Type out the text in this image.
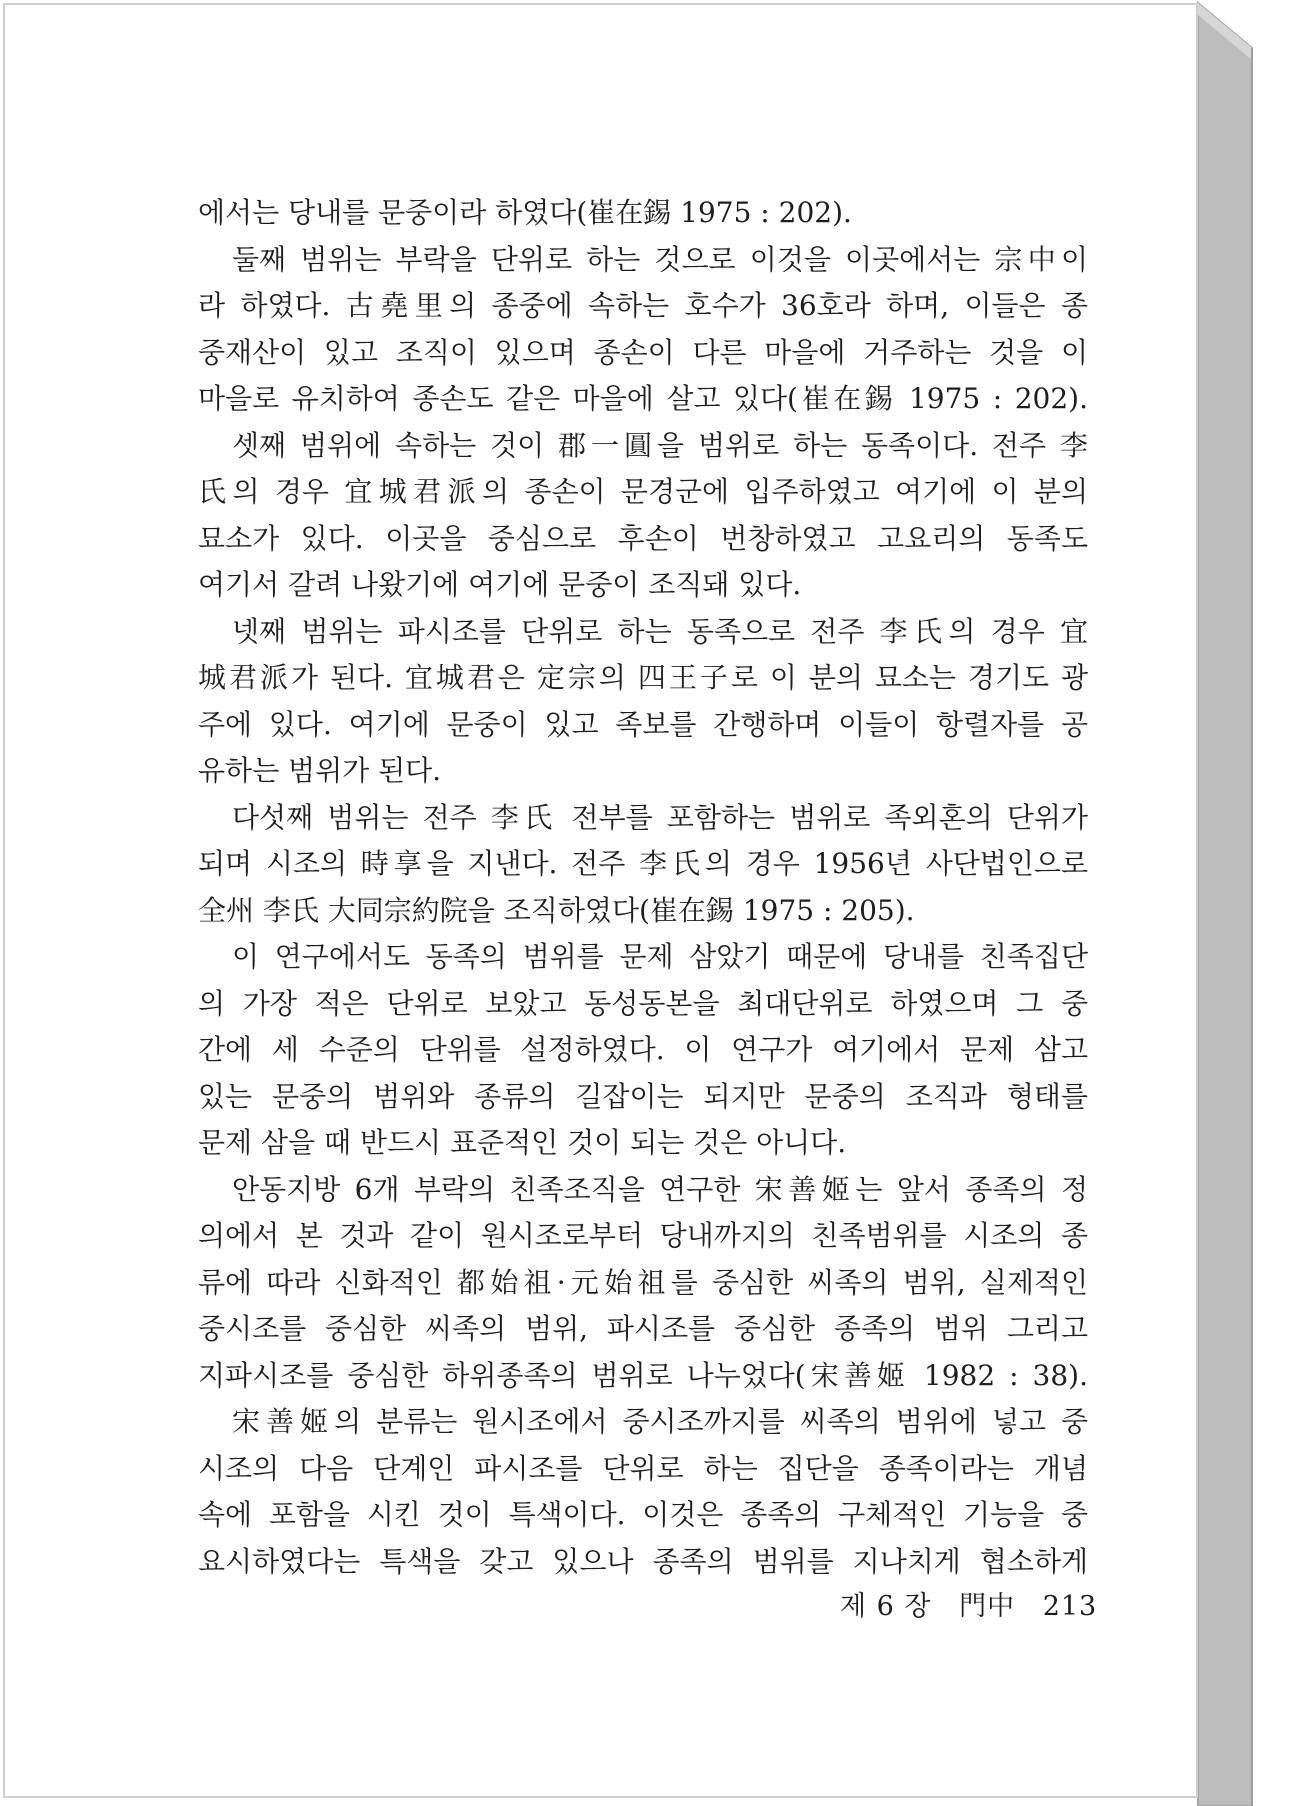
에서는 당내를 문중이라 하였다(崔在錫 1975 : 202).
둘째 범위는 부락을 단위로 하는 것으로 이것을 이곳에서는 宗中이
라 하였다. 古堯里의 종중에 속하는 호수가 36호라 하며, 이들은 종
중재산이 있고 조직이 있으며 종손이 다른 마을에 거주하는 것을 이
마을로 유치하여 종손도 같은 마을에 살고 있다(崔在錫 1975 : 202).
셋째 범위에 속하는 것이 郡一圓을 범위로 하는 동족이다. 전주 李
氏의 경우 宜城君派의 종손이 문경군에 입주하였고 여기에 이 분의
묘소가 있다. 이곳을 중심으로 후손이 번창하였고 고요리의 동족도
여기서 갈려 나왔기에 여기에 문중이 조직돼 있다.
넷째 범위는 파시조를 단위로 하는 동족으로 전주 李氏의 경우 宜
城君派가 된다. 宜城君은 定宗의 四王子로 이 분의 묘소는 경기도 광
주에 있다. 여기에 문중이 있고 족보를 간행하며 이들이 항렬자를 공
유하는 범위가 된다.
다섯째 범위는 전주 李氏 전부를 포함하는 범위로 족외혼의 단위가
되며 시조의 時享을 지낸다. 전주 李氏의 경우 1956년 사단법인으로
全州 李氏 大同宗約院을 조직하였다(崔在錫 1975 : 205).
이 연구에서도 동족의 범위를 문제 삼았기 때문에 당내를 친족집단
의 가장 적은 단위로 보았고 동성동본을 최대단위로 하였으며 그 중
간에 세 수준의 단위를 설정하였다. 이 연구가 여기에서 문제 삼고
있는 문중의 범위와 종류의 길잡이는 되지만 문중의 조직과 형태를
문제 삼을 때 반드시 표준적인 것이 되는 것은 아니다.
안동지방 6개 부락의 친족조직을 연구한 宋善姬는 앞서 종족의 정
의에서 본 것과 같이 원시조로부터 당내까지의 친족범위를 시조의 종
류에 따라 신화적인 都始祖·元始祖를 중심한 씨족의 범위, 실제적인
중시조를 중심한 씨족의 범위, 파시조를 중심한 종족의 범위 그리고
지파시조를 중심한 하위종족의 범위로 나누었다(宋善姬 1982 : 38).
宋善姬의 분류는 원시조에서 중시조까지를 씨족의 범위에 넣고 중
시조의 다음 단계인 파시조를 단위로 하는 집단을 종족이라는 개념
속에 포함을 시킨 것이 특색이다. 이것은 종족의 구체적인 기능을 중
요시하였다는 특색을 갖고 있으나 종족의 범위를 지나치게 협소하게
제 6 장 門中 213
